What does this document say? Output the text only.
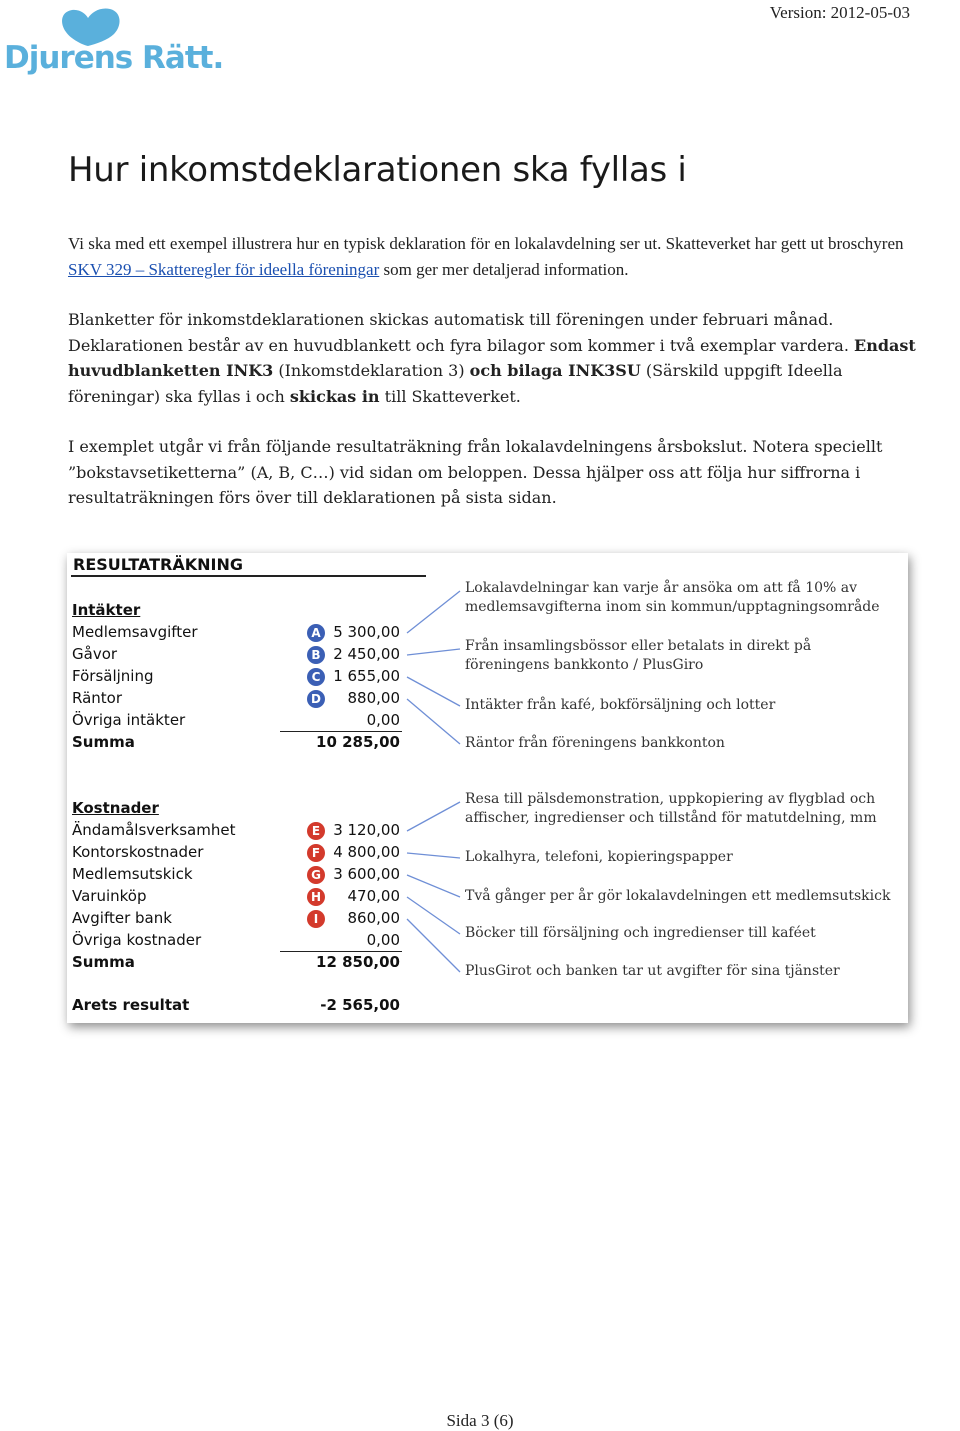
Version: 2012-05-03
Djurens Rätt.
Hur inkomstdeklarationen ska fyllas i

Vi ska med ett exempel illustrera hur en typisk deklaration för en lokalavdelning ser ut. Skatteverket har gett ut broschyren SKV 329 – Skatteregler för ideella föreningar som ger mer detaljerad information.

Blanketter för inkomstdeklarationen skickas automatisk till föreningen under februari månad. Deklarationen består av en huvudblankett och fyra bilagor som kommer i två exemplar vardera. Endast huvudblanketten INK3 (Inkomstdeklaration 3) och bilaga INK3SU (Särskild uppgift Ideella föreningar) ska fyllas i och skickas in till Skatteverket.

I exemplet utgår vi från följande resultaträkning från lokalavdelningens årsbokslut. Notera speciellt ”bokstavsetiketterna” (A, B, C…) vid sidan om beloppen. Dessa hjälper oss att följa hur siffrorna i resultaträkningen förs över till deklarationen på sista sidan.

RESULTATRÄKNING
Intäkter
Medlemsavgifter	A 5 300,00
Gåvor	B 2 450,00
Försäljning	C 1 655,00
Räntor	D	880,00
Övriga intäkter	0,00
Summa	10 285,00
Lokalavdelningar kan varje år ansöka om att få 10% av
medlemsavgifterna inom sin kommun/upptagningsområde
Från insamlingsbössor eller betalats in direkt på
föreningens bankkonto / PlusGiro
Intäkter från kafé, bokförsäljning och lotter
Räntor från föreningens bankkonton
Kostnader
Ändamålsverksamhet	E 3 120,00
Kontorskostnader	F 4 800,00
Medlemsutskick	G 3 600,00
Varuinköp	H	470,00
Avgifter bank	I	860,00
Övriga kostnader	0,00
Summa	12 850,00
Resa till pälsdemonstration, uppkopiering av flygblad och
affischer, ingredienser och tillstånd för matutdelning, mm
Lokalhyra, telefoni, kopieringspapper
Två gånger per år gör lokalavdelningen ett medlemsutskick
Böcker till försäljning och ingredienser till kaféet
PlusGirot och banken tar ut avgifter för sina tjänster
Arets resultat	-2 565,00
Sida 3 (6)
